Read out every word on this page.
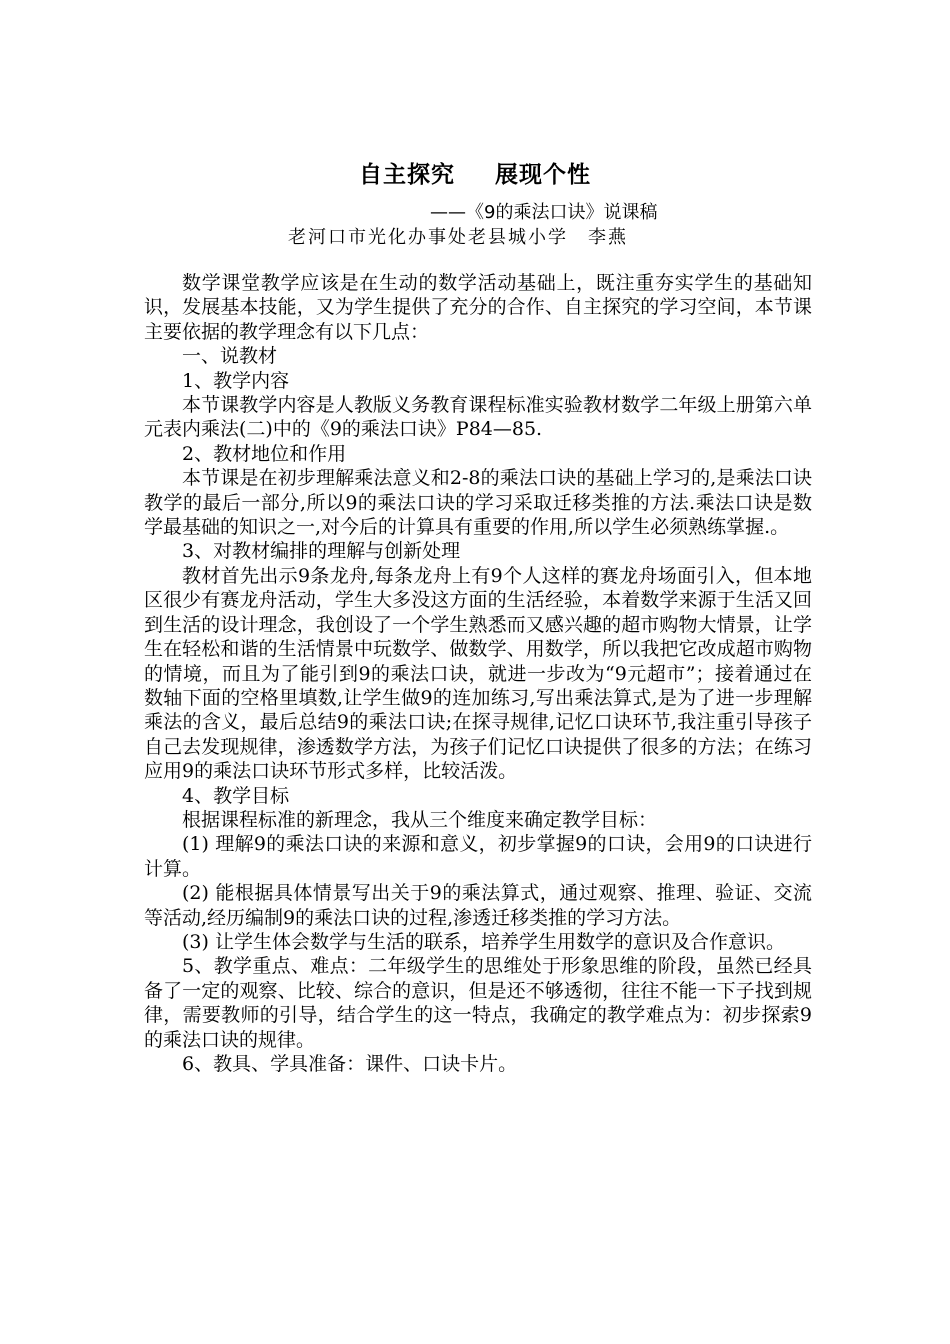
自主探究 展现个性
——《9的乘法口诀》说课稿
老河口市光化办事处老县城小学　李燕

数学课堂教学应该是在生动的数学活动基础上，既注重夯实学生的基础知识，发展基本技能，又为学生提供了充分的合作、自主探究的学习空间，本节课主要依据的教学理念有以下几点：

一、说教材

1、教学内容

本节课教学内容是人教版义务教育课程标准实验教材数学二年级上册第六单元表内乘法(二)中的《9的乘法口诀》P84—85.

2、教材地位和作用

本节课是在初步理解乘法意义和2-8的乘法口诀的基础上学习的,是乘法口诀教学的最后一部分,所以9的乘法口诀的学习采取迁移类推的方法.乘法口诀是数学最基础的知识之一,对今后的计算具有重要的作用,所以学生必须熟练掌握.。

3、对教材编排的理解与创新处理

教材首先出示9条龙舟,每条龙舟上有9个人这样的赛龙舟场面引入，但本地区很少有赛龙舟活动，学生大多没这方面的生活经验，本着数学来源于生活又回到生活的设计理念，我创设了一个学生熟悉而又感兴趣的超市购物大情景，让学生在轻松和谐的生活情景中玩数学、做数学、用数学，所以我把它改成超市购物的情境，而且为了能引到9的乘法口诀，就进一步改为“9元超市”；接着通过在数轴下面的空格里填数,让学生做9的连加练习,写出乘法算式,是为了进一步理解乘法的含义，最后总结9的乘法口诀;在探寻规律,记忆口诀环节,我注重引导孩子自己去发现规律，渗透数学方法，为孩子们记忆口诀提供了很多的方法；在练习应用9的乘法口诀环节形式多样，比较活泼。

4、教学目标

根据课程标准的新理念，我从三个维度来确定教学目标：

(1) 理解9的乘法口诀的来源和意义，初步掌握9的口诀，会用9的口诀进行计算。

(2) 能根据具体情景写出关于9的乘法算式，通过观察、推理、验证、交流等活动,经历编制9的乘法口诀的过程,渗透迁移类推的学习方法。

(3) 让学生体会数学与生活的联系，培养学生用数学的意识及合作意识。

5、教学重点、难点：二年级学生的思维处于形象思维的阶段，虽然已经具备了一定的观察、比较、综合的意识，但是还不够透彻，往往不能一下子找到规律，需要教师的引导，结合学生的这一特点，我确定的教学难点为：初步探索9的乘法口诀的规律。

6、教具、学具准备：课件、口诀卡片。
